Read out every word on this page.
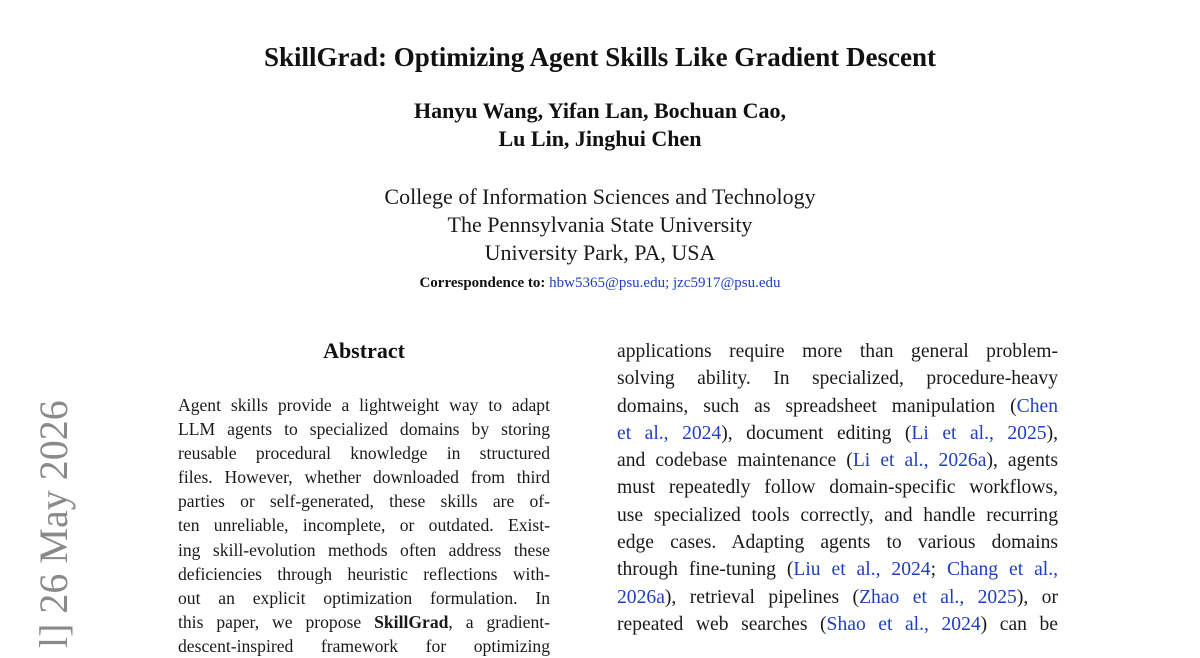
l] 26 May 2026
SkillGrad: Optimizing Agent Skills Like Gradient Descent
Hanyu Wang, Yifan Lan, Bochuan Cao,
Lu Lin, Jinghui Chen
College of Information Sciences and Technology
The Pennsylvania State University
University Park, PA, USA
Correspondence to: hbw5365@psu.edu; jzc5917@psu.edu
Abstract
Agent skills provide a lightweight way to adapt
LLM agents to specialized domains by storing
reusable procedural knowledge in structured
files. However, whether downloaded from third
parties or self-generated, these skills are of-
ten unreliable, incomplete, or outdated. Exist-
ing skill-evolution methods often address these
deficiencies through heuristic reflections with-
out an explicit optimization formulation. In
this paper, we propose SkillGrad, a gradient-
descent-inspired framework for optimizing
applications require more than general problem-
solving ability. In specialized, procedure-heavy
domains, such as spreadsheet manipulation (Chen
et al., 2024), document editing (Li et al., 2025),
and codebase maintenance (Li et al., 2026a), agents
must repeatedly follow domain-specific workflows,
use specialized tools correctly, and handle recurring
edge cases. Adapting agents to various domains
through fine-tuning (Liu et al., 2024; Chang et al.,
2026a), retrieval pipelines (Zhao et al., 2025), or
repeated web searches (Shao et al., 2024) can be
